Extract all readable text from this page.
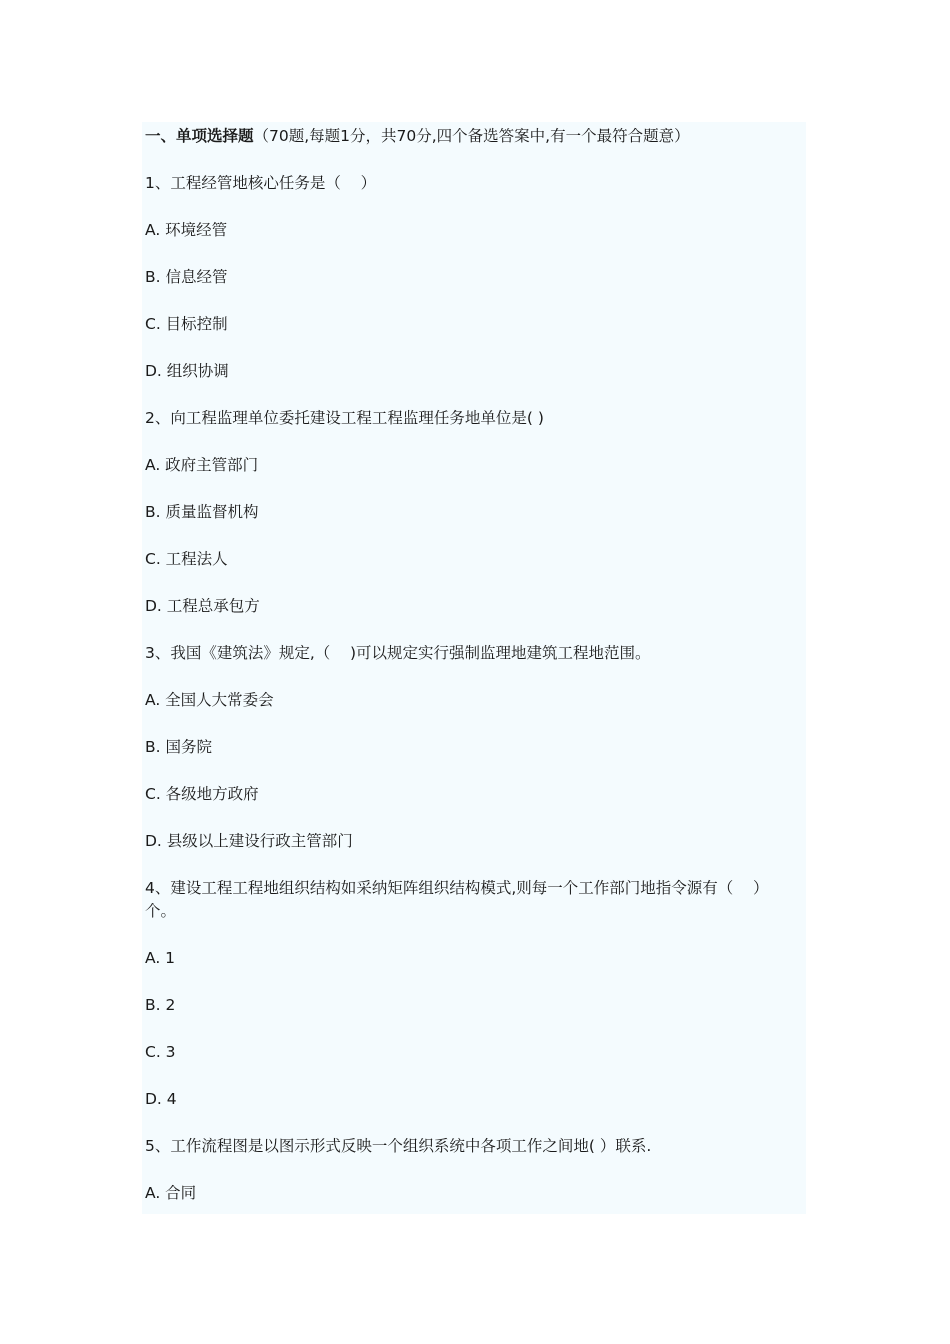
一、单项选择题（70题,每题1分，共70分,四个备选答案中,有一个最符合题意）
1、工程经管地核心任务是（    ）
A. 环境经管
B. 信息经管
C. 目标控制
D. 组织协调
2、向工程监理单位委托建设工程工程监理任务地单位是( )
A. 政府主管部门
B. 质量监督机构
C. 工程法人
D. 工程总承包方
3、我国《建筑法》规定,（    )可以规定实行强制监理地建筑工程地范围。
A. 全国人大常委会
B. 国务院
C. 各级地方政府
D. 县级以上建设行政主管部门
4、建设工程工程地组织结构如采纳矩阵组织结构模式,则每一个工作部门地指令源有（    ）个。
A. 1
B. 2
C. 3
D. 4
5、工作流程图是以图示形式反映一个组织系统中各项工作之间地( ）联系.
A. 合同
